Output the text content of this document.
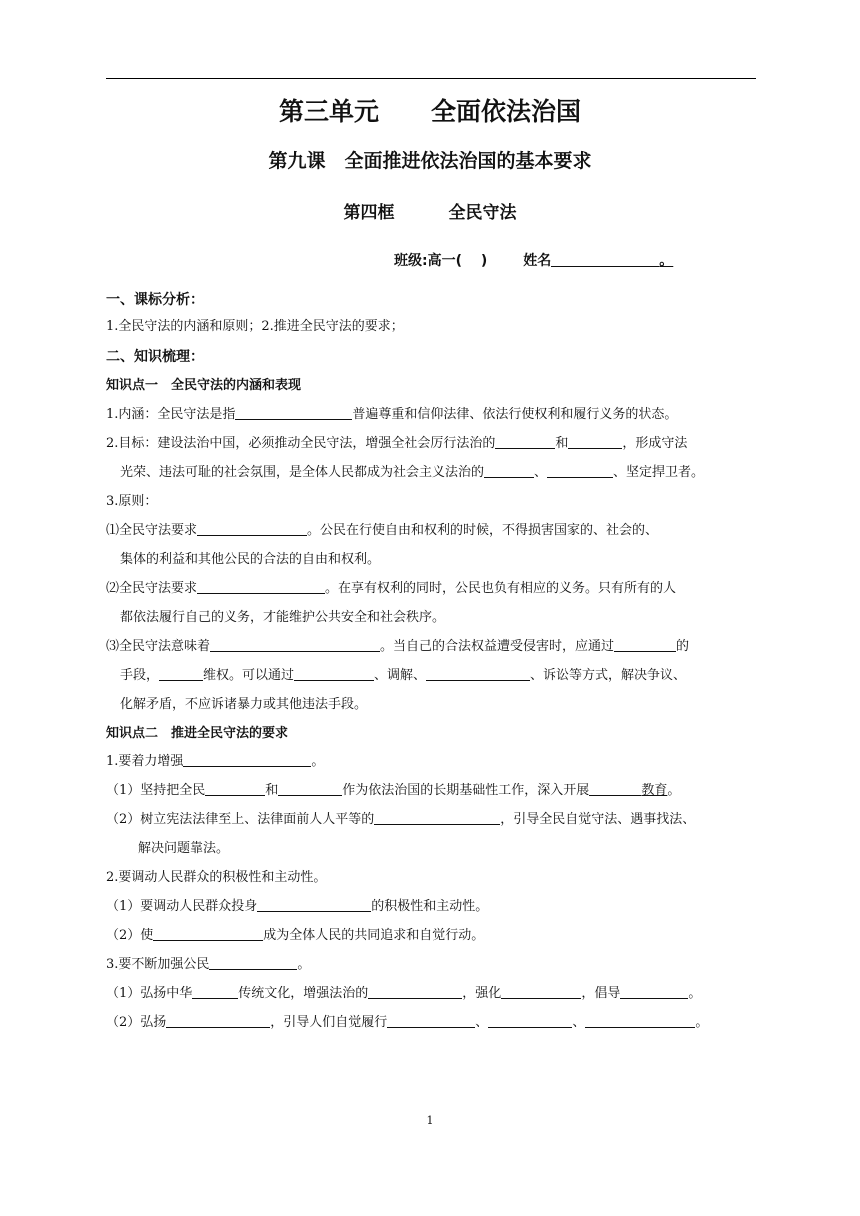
第三单元 全面依法治国
第九课　全面推进依法治国的基本要求
第四框	全民守法
班级:高一(　 )	姓名	。
一、课标分析：
1.全民守法的内涵和原则；2.推进全民守法的要求；
二、知识梳理：
知识点一　全民守法的内涵和表现
1.内涵：全民守法是指	普遍尊重和信仰法律、依法行使权利和履行义务的状态。
2.目标：建设法治中国，必须推动全民守法，增强全社会厉行法治的	和	，形成守法
光荣、违法可耻的社会氛围，是全体人民都成为社会主义法治的	、	、坚定捍卫者。
3.原则：
⑴全民守法要求	。公民在行使自由和权利的时候，不得损害国家的、社会的、
集体的利益和其他公民的合法的自由和权利。
⑵全民守法要求	。在享有权利的同时，公民也负有相应的义务。只有所有的人
都依法履行自己的义务，才能维护公共安全和社会秩序。
⑶全民守法意味着	。当自己的合法权益遭受侵害时，应通过	的
手段，	维权。可以通过	、调解、	、诉讼等方式，解决争议、
化解矛盾，不应诉诸暴力或其他违法手段。
知识点二　推进全民守法的要求
1.要着力增强	。
（1）坚持把全民	和	作为依法治国的长期基础性工作，深入开展	教育。
（2）树立宪法法律至上、法律面前人人平等的	，引导全民自觉守法、遇事找法、
解决问题靠法。
2.要调动人民群众的积极性和主动性。
（1）要调动人民群众投身	的积极性和主动性。
（2）使	成为全体人民的共同追求和自觉行动。
3.要不断加强公民	。
（1）弘扬中华	传统文化，增强法治的	，强化	，倡导	。
（2）弘扬	，引导人们自觉履行	、	、	。
1
